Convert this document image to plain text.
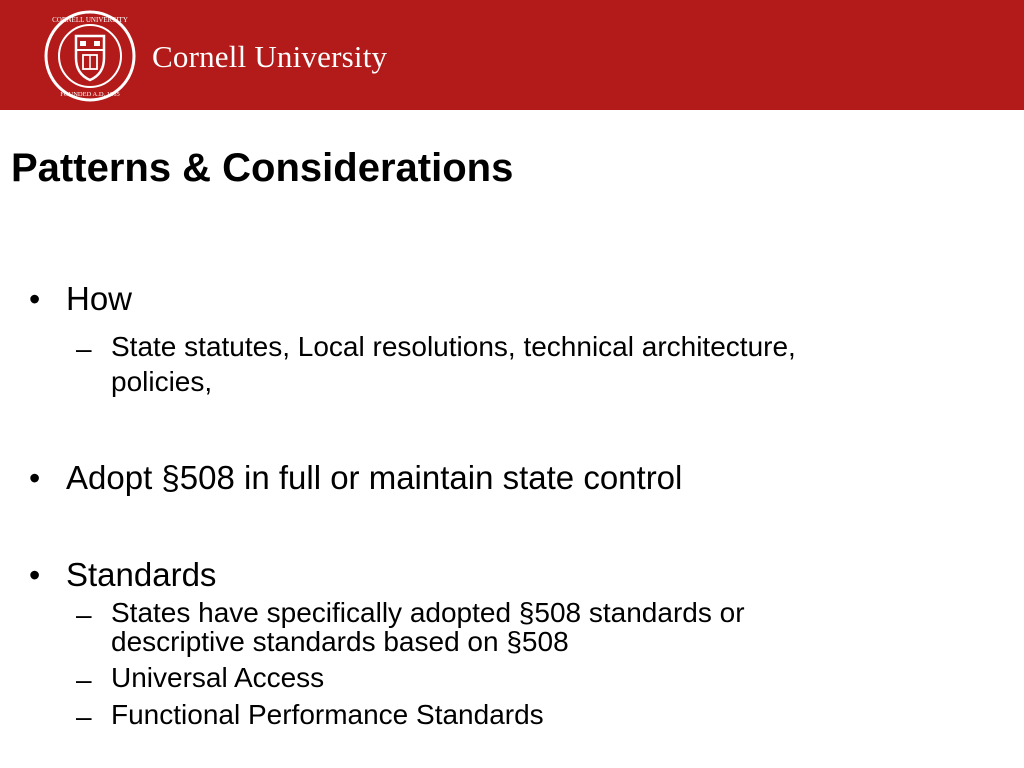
CORNELL UNIVERSITY
FOUNDED A.D. 1865
Cornell University
Patterns & Considerations
• How
– State statutes, Local resolutions, technical architecture,
policies,
• Adopt §508 in full or maintain state control
• Standards
– States have specifically adopted §508 standards or
descriptive standards based on §508
– Universal Access
– Functional Performance Standards
